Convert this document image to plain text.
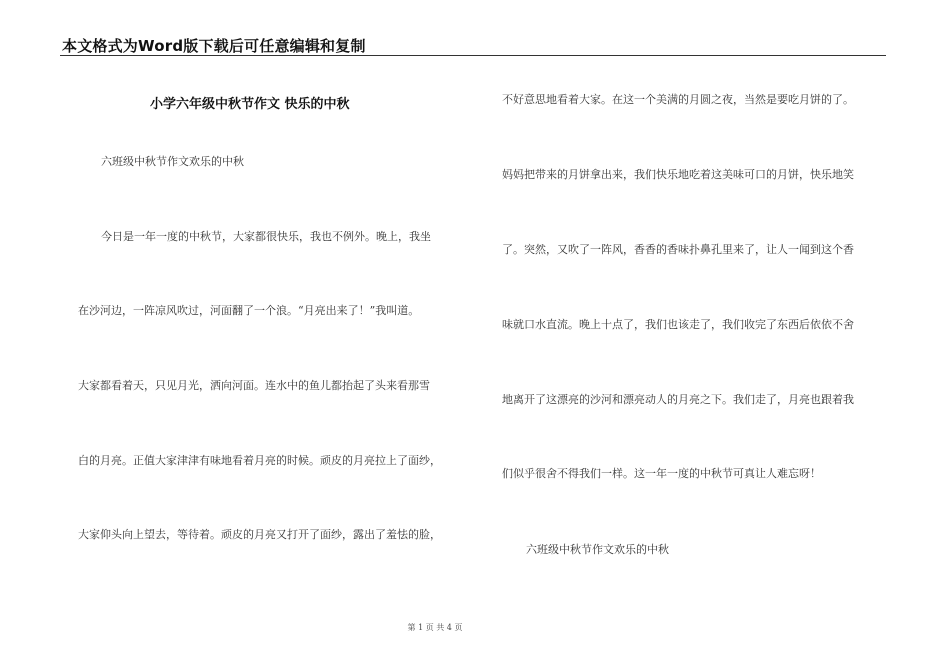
本文格式为Word版下载后可任意编辑和复制
小学六年级中秋节作文 快乐的中秋
六班级中秋节作文欢乐的中秋
今日是一年一度的中秋节，大家都很快乐，我也不例外。晚上，我坐
在沙河边，一阵凉风吹过，河面翻了一个浪。“月亮出来了！”我叫道。
大家都看着天，只见月光，洒向河面。连水中的鱼儿都抬起了头来看那雪
白的月亮。正值大家津津有味地看着月亮的时候。顽皮的月亮拉上了面纱，
大家仰头向上望去，等待着。顽皮的月亮又打开了面纱，露出了羞怯的脸，
不好意思地看着大家。在这一个美满的月圆之夜，当然是要吃月饼的了。
妈妈把带来的月饼拿出来，我们快乐地吃着这美味可口的月饼，快乐地笑
了。突然，又吹了一阵风，香香的香味扑鼻孔里来了，让人一闻到这个香
味就口水直流。晚上十点了，我们也该走了，我们收完了东西后依依不舍
地离开了这漂亮的沙河和漂亮动人的月亮之下。我们走了，月亮也跟着我
们似乎很舍不得我们一样。这一年一度的中秋节可真让人难忘呀！
六班级中秋节作文欢乐的中秋
第 1 页 共 4 页
